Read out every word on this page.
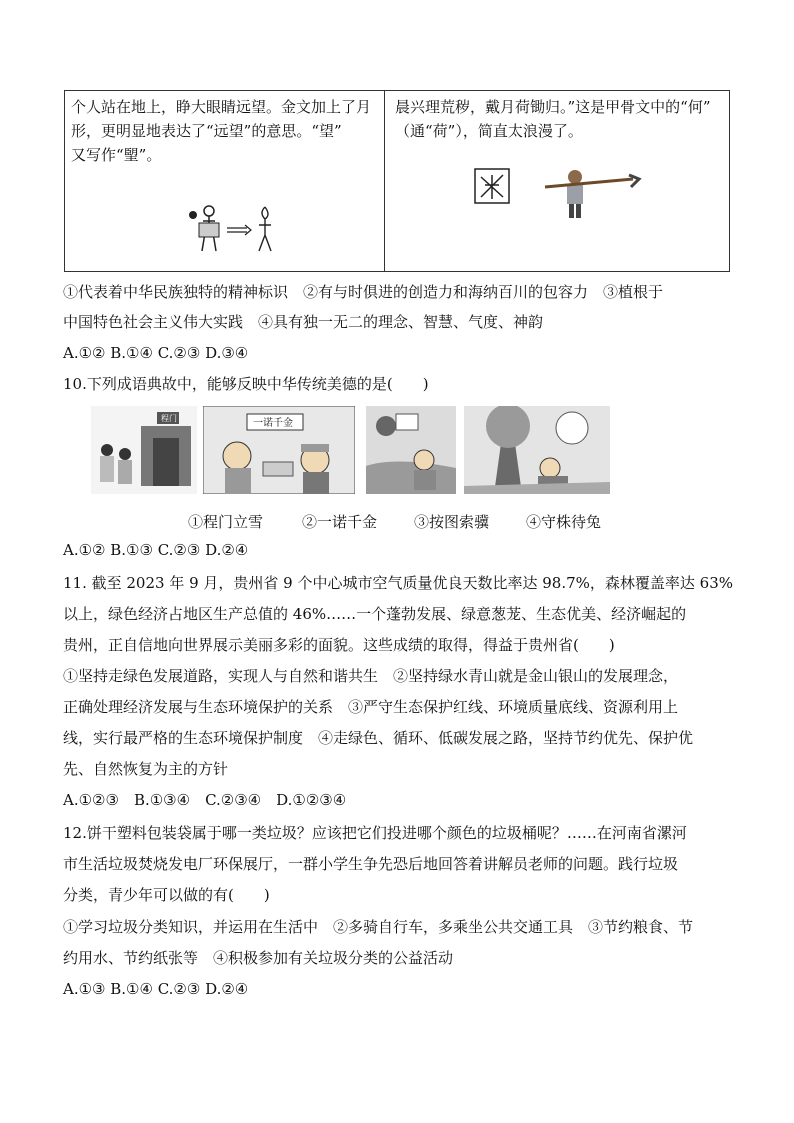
个人站在地上，睁大眼睛远望。金文加上了月
形，更明显地表达了“远望”的意思。“望”
又写作“朢”。
晨兴理荒秽，戴月荷锄归。”这是甲骨文中的“何”
（通“荷”），简直太浪漫了。
①代表着中华民族独特的精神标识　②有与时俱进的创造力和海纳百川的包容力　③植根于
中国特色社会主义伟大实践　④具有独一无二的理念、智慧、气度、神韵
A.①② B.①④ C.②③ D.③④
10.下列成语典故中，能够反映中华传统美德的是(　　)
程门	一诺千金
①程门立雪	②一诺千金 ③按图索骥 ④守株待兔
A.①② B.①③ C.②③ D.②④
11. 截至 2023 年 9 月，贵州省 9 个中心城市空气质量优良天数比率达 98.7%，森林覆盖率达 63%
以上，绿色经济占地区生产总值的 46%……一个蓬勃发展、绿意葱茏、生态优美、经济崛起的
贵州，正自信地向世界展示美丽多彩的面貌。这些成绩的取得，得益于贵州省(　　)
①坚持走绿色发展道路，实现人与自然和谐共生　②坚持绿水青山就是金山银山的发展理念，
正确处理经济发展与生态环境保护的关系　③严守生态保护红线、环境质量底线、资源利用上
线，实行最严格的生态环境保护制度　④走绿色、循环、低碳发展之路，坚持节约优先、保护优
先、自然恢复为主的方针
A.①②③　B.①③④　C.②③④　D.①②③④
12.饼干塑料包装袋属于哪一类垃圾？应该把它们投进哪个颜色的垃圾桶呢？……在河南省漯河
市生活垃圾焚烧发电厂环保展厅，一群小学生争先恐后地回答着讲解员老师的问题。践行垃圾
分类，青少年可以做的有(　　)
①学习垃圾分类知识，并运用在生活中　②多骑自行车，多乘坐公共交通工具　③节约粮食、节
约用水、节约纸张等　④积极参加有关垃圾分类的公益活动
A.①③ B.①④ C.②③ D.②④
